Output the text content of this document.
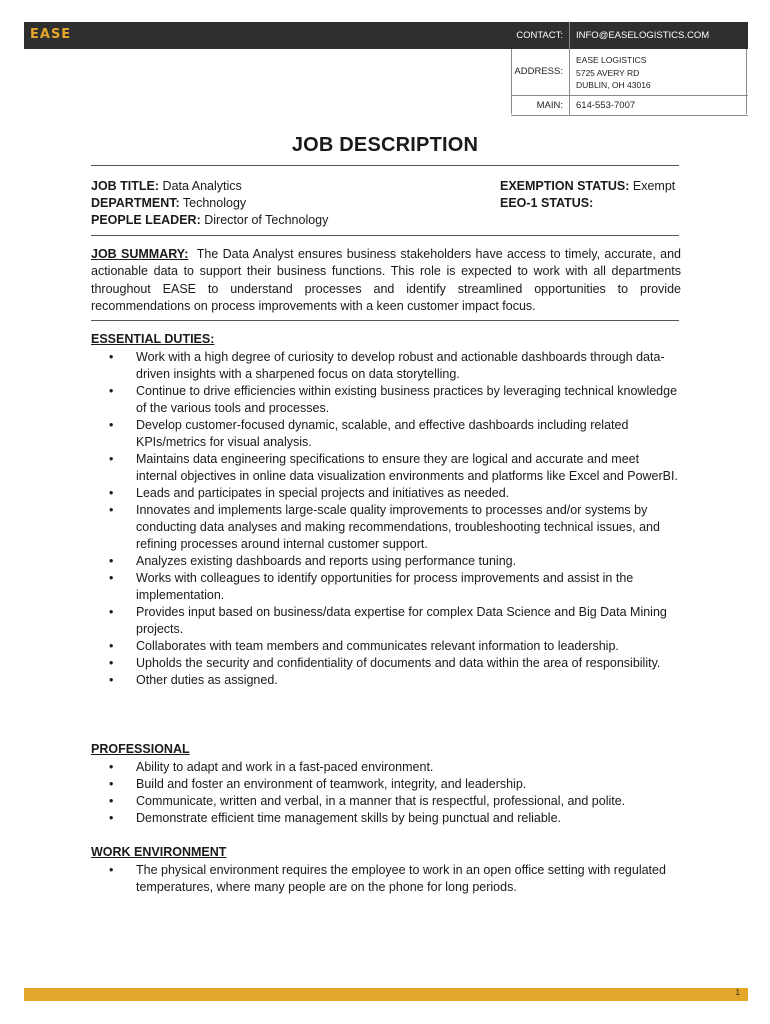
EASE	CONTACT:	INFO@EASELOGISTICS.COM
ADDRESS:
EASE LOGISTICS
5725 AVERY RD
DUBLIN, OH 43016
MAIN:	614-553-7007
JOB DESCRIPTION
JOB TITLE: Data Analytics
DEPARTMENT: Technology
PEOPLE LEADER: Director of Technology
EXEMPTION STATUS: Exempt
EEO-1 STATUS:
JOB SUMMARY: The Data Analyst ensures business stakeholders have access to timely, accurate, and actionable data to support their business functions. This role is expected to work with all departments throughout EASE to understand processes and identify streamlined opportunities to provide recommendations on process improvements with a keen customer impact focus.
ESSENTIAL DUTIES:
• Work with a high degree of curiosity to develop robust and actionable dashboards through data-driven insights with a sharpened focus on data storytelling.
• Continue to drive efficiencies within existing business practices by leveraging technical knowledge of the various tools and processes.
• Develop customer-focused dynamic, scalable, and effective dashboards including related KPIs/metrics for visual analysis.
• Maintains data engineering specifications to ensure they are logical and accurate and meet internal objectives in online data visualization environments and platforms like Excel and PowerBI.
• Leads and participates in special projects and initiatives as needed.
• Innovates and implements large-scale quality improvements to processes and/or systems by conducting data analyses and making recommendations, troubleshooting technical issues, and refining processes around internal customer support.
• Analyzes existing dashboards and reports using performance tuning.
• Works with colleagues to identify opportunities for process improvements and assist in the implementation.
• Provides input based on business/data expertise for complex Data Science and Big Data Mining projects.
• Collaborates with team members and communicates relevant information to leadership.
• Upholds the security and confidentiality of documents and data within the area of responsibility.
• Other duties as assigned.
PROFESSIONAL
• Ability to adapt and work in a fast-paced environment.
• Build and foster an environment of teamwork, integrity, and leadership.
• Communicate, written and verbal, in a manner that is respectful, professional, and polite.
• Demonstrate efficient time management skills by being punctual and reliable.
WORK ENVIRONMENT
• The physical environment requires the employee to work in an open office setting with regulated temperatures, where many people are on the phone for long periods.
1
